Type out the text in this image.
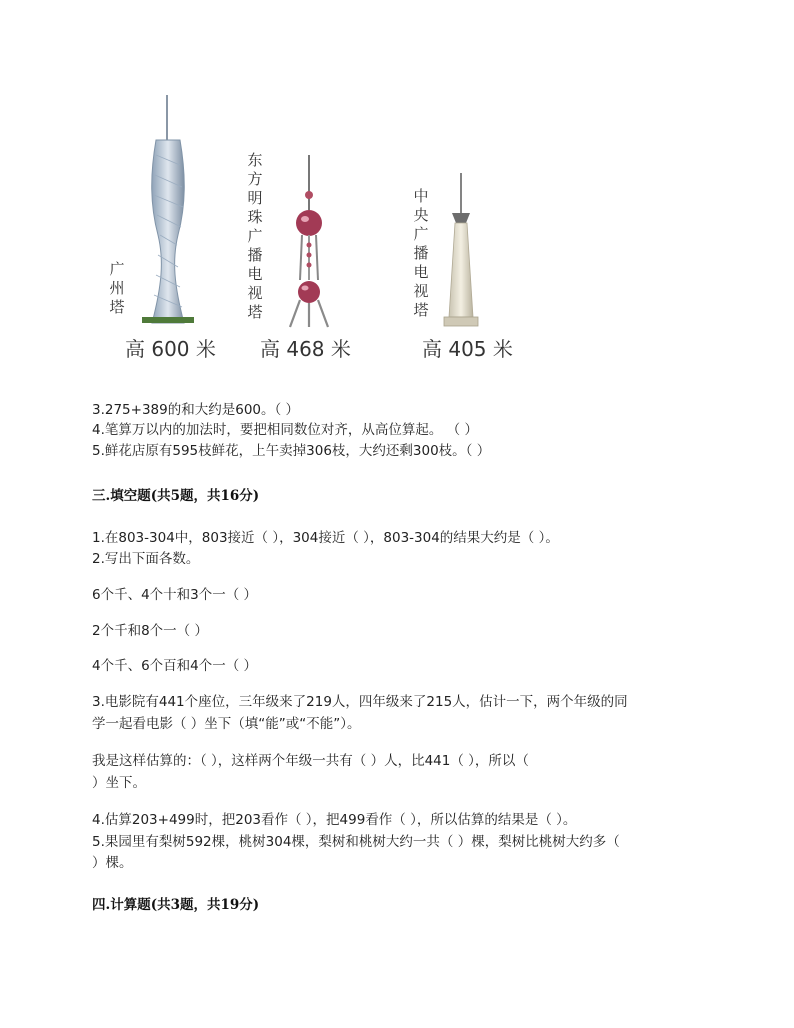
广
州
塔
东
方
明
珠
广
播
电
视
塔
中
央
广
播
电
视
塔
高 600 米 高 468 米	高 405 米
3.275+389的和大约是600。（ ）
4.笔算万以内的加法时，要把相同数位对齐，从高位算起。 （ ）
5.鲜花店原有595枝鲜花，上午卖掉306枝，大约还剩300枝。（ ）
三.填空题(共5题，共16分)
1.在803-304中，803接近（ ），304接近（ ），803-304的结果大约是（ ）。
2.写出下面各数。
6个千、4个十和3个一（ ）
2个千和8个一（ ）
4个千、6个百和4个一（ ）
3.电影院有441个座位，三年级来了219人，四年级来了215人，估计一下，两个年级的同
学一起看电影（ ）坐下（填“能”或“不能”）。
我是这样估算的：（ ），这样两个年级一共有（ ）人，比441（ ），所以（
）坐下。
4.估算203+499时，把203看作（ ），把499看作（ ），所以估算的结果是（ ）。
5.果园里有梨树592棵，桃树304棵，梨树和桃树大约一共（ ）棵，梨树比桃树大约多（
）棵。
四.计算题(共3题，共19分)
